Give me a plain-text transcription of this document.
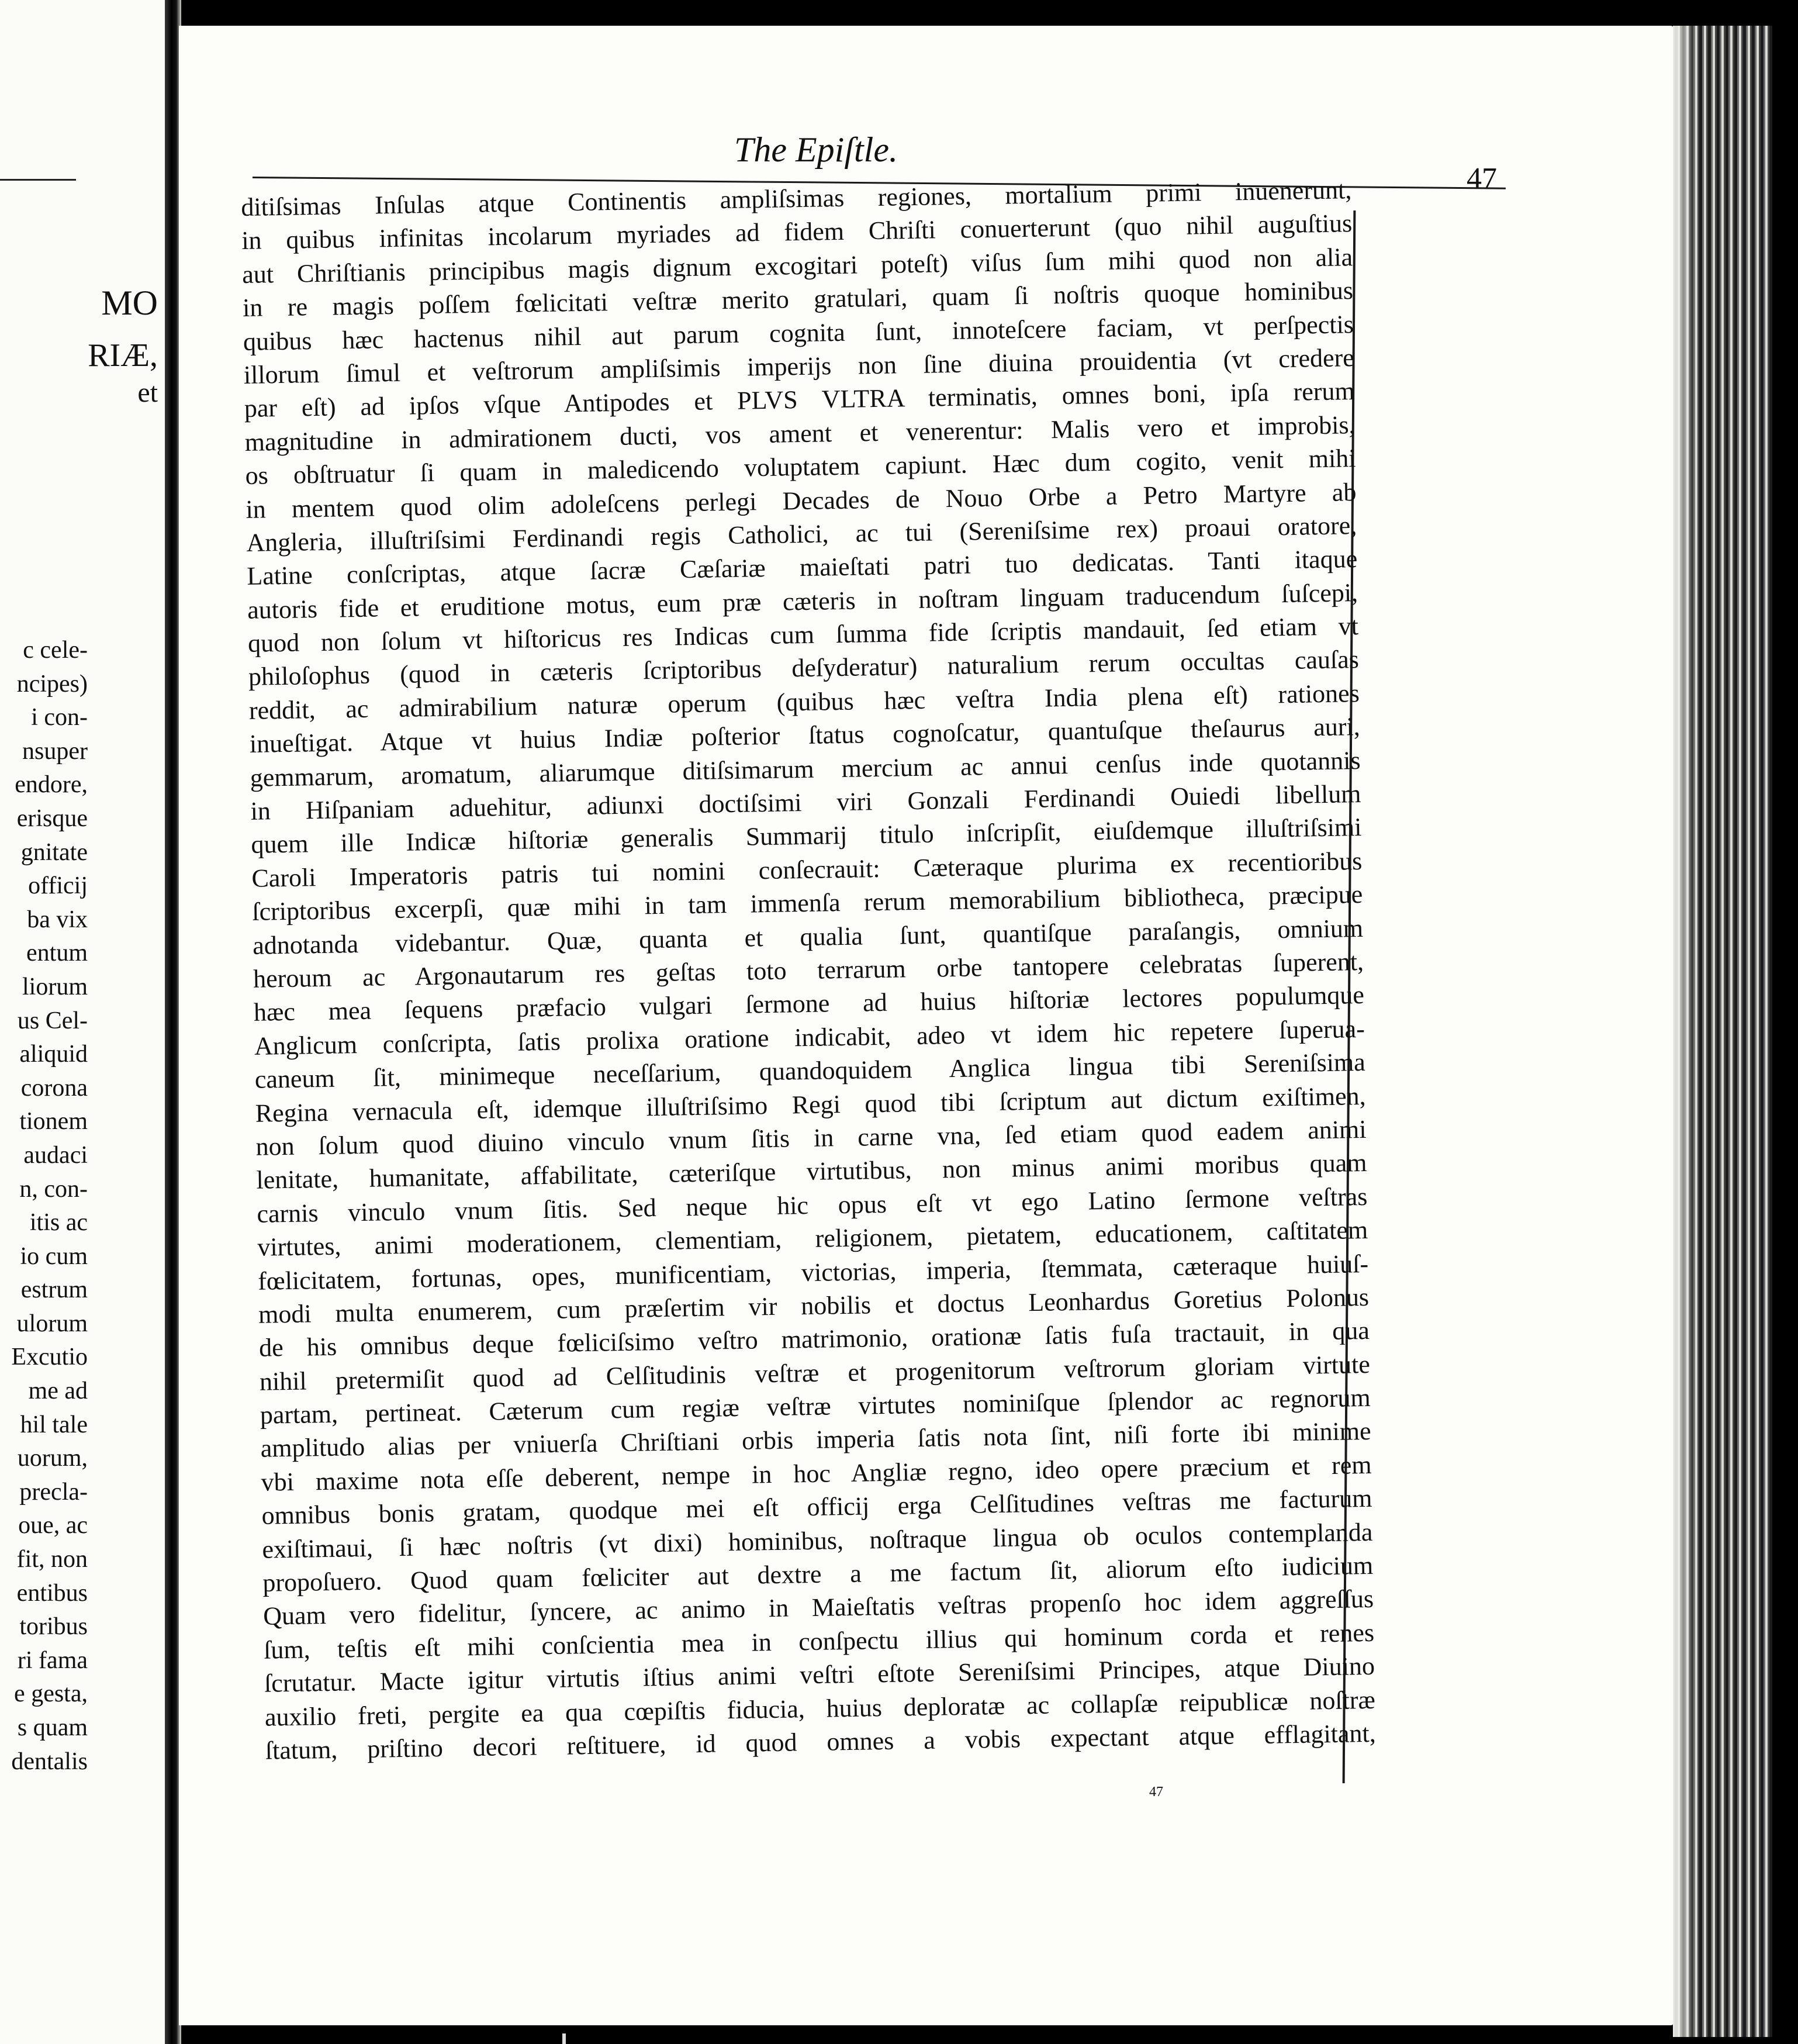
MO
RIÆ,
et
c cele-
ncipes)
i con-
nsuper
endore,
erisque
gnitate
officij
ba vix
entum
liorum
us Cel-
aliquid
corona
tionem
audaci
n, con-
itis ac
io cum
estrum
ulorum
Excutio
me ad
hil tale
uorum,
precla-
oue, ac
fit, non
entibus
toribus
ri fama
e gesta,
s quam
dentalis
The Epiſtle.
47
ditiſsimas Inſulas atque Continentis ampliſsimas regiones, mortalium primi inuenerunt,
in quibus infinitas incolarum myriades ad fidem Chriſti conuerterunt (quo nihil auguſtius
aut Chriſtianis principibus magis dignum excogitari poteſt) viſus ſum mihi quod non alia
in re magis poſſem fœlicitati veſtræ merito gratulari, quam ſi noſtris quoque hominibus
quibus hæc hactenus nihil aut parum cognita ſunt, innoteſcere faciam, vt perſpectis
illorum ſimul et veſtrorum ampliſsimis imperijs non ſine diuina prouidentia (vt credere
par eſt) ad ipſos vſque Antipodes et PLVS VLTRA terminatis, omnes boni, ipſa rerum
magnitudine in admirationem ducti, vos ament et venerentur: Malis vero et improbis,
os obſtruatur ſi quam in maledicendo voluptatem capiunt. Hæc dum cogito, venit mihi
in mentem quod olim adoleſcens perlegi Decades de Nouo Orbe a Petro Martyre ab
Angleria, illuſtriſsimi Ferdinandi regis Catholici, ac tui (Sereniſsime rex) proaui oratore,
Latine conſcriptas, atque ſacræ Cæſariæ maieſtati patri tuo dedicatas. Tanti itaque
autoris fide et eruditione motus, eum præ cæteris in noſtram linguam traducendum ſuſcepi,
quod non ſolum vt hiſtoricus res Indicas cum ſumma fide ſcriptis mandauit, ſed etiam vt
philoſophus (quod in cæteris ſcriptoribus deſyderatur) naturalium rerum occultas cauſas
reddit, ac admirabilium naturæ operum (quibus hæc veſtra India plena eſt) rationes
inueſtigat. Atque vt huius Indiæ poſterior ſtatus cognoſcatur, quantuſque theſaurus auri,
gemmarum, aromatum, aliarumque ditiſsimarum mercium ac annui cenſus inde quotannis
in Hiſpaniam aduehitur, adiunxi doctiſsimi viri Gonzali Ferdinandi Ouiedi libellum
quem ille Indicæ hiſtoriæ generalis Summarij titulo inſcripſit, eiuſdemque illuſtriſsimi
Caroli Imperatoris patris tui nomini conſecrauit: Cæteraque plurima ex recentioribus
ſcriptoribus excerpſi, quæ mihi in tam immenſa rerum memorabilium bibliotheca, præcipue
adnotanda videbantur. Quæ, quanta et qualia ſunt, quantiſque paraſangis, omnium
heroum ac Argonautarum res geſtas toto terrarum orbe tantopere celebratas ſuperent,
hæc mea ſequens præfacio vulgari ſermone ad huius hiſtoriæ lectores populumque
Anglicum conſcripta, ſatis prolixa oratione indicabit, adeo vt idem hic repetere ſuperua-
caneum ſit, minimeque neceſſarium, quandoquidem Anglica lingua tibi Sereniſsima
Regina vernacula eſt, idemque illuſtriſsimo Regi quod tibi ſcriptum aut dictum exiſtimen,
non ſolum quod diuino vinculo vnum ſitis in carne vna, ſed etiam quod eadem animi
lenitate, humanitate, affabilitate, cæteriſque virtutibus, non minus animi moribus quam
carnis vinculo vnum ſitis. Sed neque hic opus eſt vt ego Latino ſermone veſtras
virtutes, animi moderationem, clementiam, religionem, pietatem, educationem, caſtitatem
fœlicitatem, fortunas, opes, munificentiam, victorias, imperia, ſtemmata, cæteraque huiuſ-
modi multa enumerem, cum præſertim vir nobilis et doctus Leonhardus Goretius Polonus
de his omnibus deque fœliciſsimo veſtro matrimonio, orationæ ſatis fuſa tractauit, in qua
nihil pretermiſit quod ad Celſitudinis veſtræ et progenitorum veſtrorum gloriam virtute
partam, pertineat. Cæterum cum regiæ veſtræ virtutes nominiſque ſplendor ac regnorum
amplitudo alias per vniuerſa Chriſtiani orbis imperia ſatis nota ſint, niſi forte ibi minime
vbi maxime nota eſſe deberent, nempe in hoc Angliæ regno, ideo opere præcium et rem
omnibus bonis gratam, quodque mei eſt officij erga Celſitudines veſtras me facturum
exiſtimaui, ſi hæc noſtris (vt dixi) hominibus, noſtraque lingua ob oculos contemplanda
propoſuero. Quod quam fœliciter aut dextre a me factum ſit, aliorum eſto iudicium
Quam vero fidelitur, ſyncere, ac animo in Maieſtatis veſtras propenſo hoc idem aggreſſus
ſum, teſtis eſt mihi conſcientia mea in conſpectu illius qui hominum corda et renes
ſcrutatur. Macte igitur virtutis iſtius animi veſtri eſtote Sereniſsimi Principes, atque Diuino
auxilio freti, pergite ea qua cœpiſtis fiducia, huius deploratæ ac collapſæ reipublicæ noſtræ
ſtatum, priſtino decori reſtituere, id quod omnes a vobis expectant atque efflagitant,
47
